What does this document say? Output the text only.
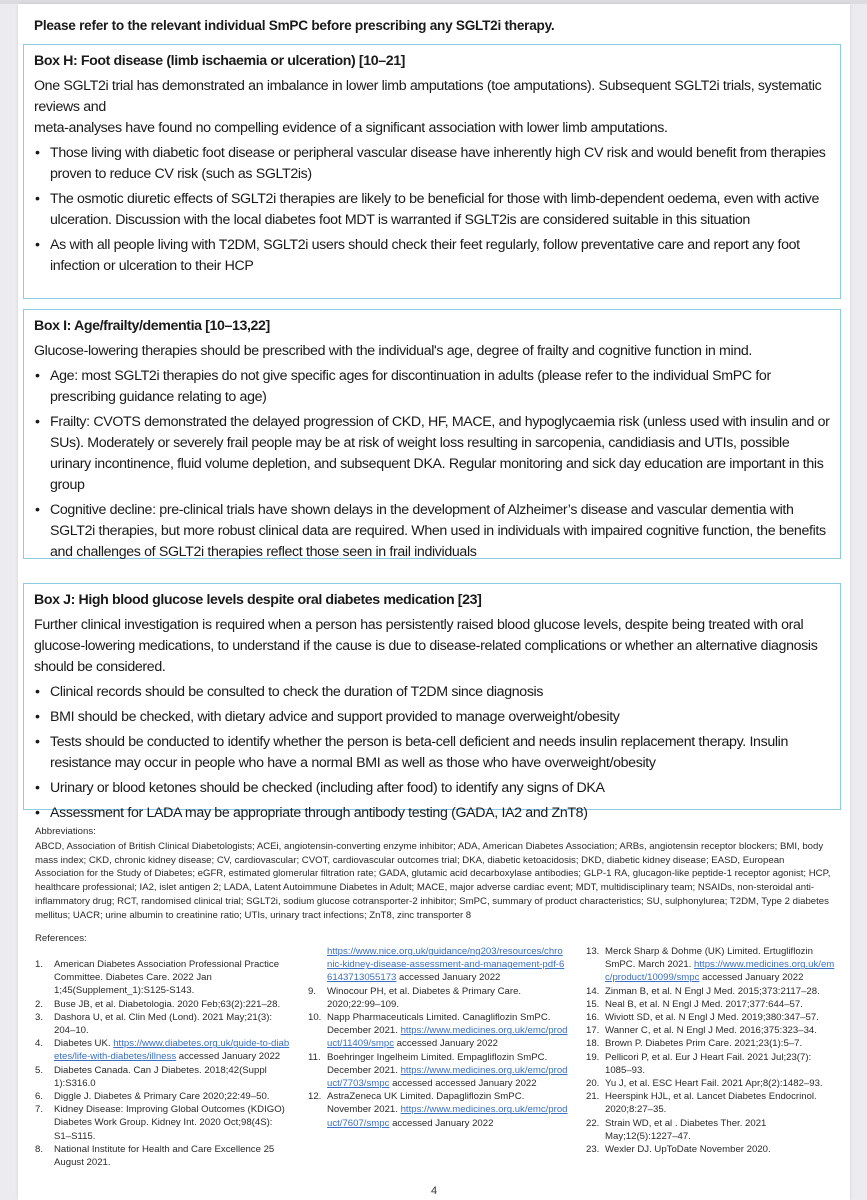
Please refer to the relevant individual SmPC before prescribing any SGLT2i therapy.
Box H: Foot disease (limb ischaemia or ulceration) [10–21]

One SGLT2i trial has demonstrated an imbalance in lower limb amputations (toe amputations). Subsequent SGLT2i trials, systematic reviews and
meta-analyses have found no compelling evidence of a significant association with lower limb amputations.

• Those living with diabetic foot disease or peripheral vascular disease have inherently high CV risk and would benefit from therapies proven to reduce CV risk (such as SGLT2is)
• The osmotic diuretic effects of SGLT2i therapies are likely to be beneficial for those with limb-dependent oedema, even with active ulceration. Discussion with the local diabetes foot MDT is warranted if SGLT2is are considered suitable in this situation
• As with all people living with T2DM, SGLT2i users should check their feet regularly, follow preventative care and report any foot infection or ulceration to their HCP
Box I: Age/frailty/dementia [10–13,22]

Glucose-lowering therapies should be prescribed with the individual's age, degree of frailty and cognitive function in mind.

• Age: most SGLT2i therapies do not give specific ages for discontinuation in adults (please refer to the individual SmPC for prescribing guidance relating to age)
• Frailty: CVOTS demonstrated the delayed progression of CKD, HF, MACE, and hypoglycaemia risk (unless used with insulin and or SUs). Moderately or severely frail people may be at risk of weight loss resulting in sarcopenia, candidiasis and UTIs, possible urinary incontinence, fluid volume depletion, and subsequent DKA. Regular monitoring and sick day education are important in this group
• Cognitive decline: pre-clinical trials have shown delays in the development of Alzheimer’s disease and vascular dementia with SGLT2i therapies, but more robust clinical data are required. When used in individuals with impaired cognitive function, the benefits and challenges of SGLT2i therapies reflect those seen in frail individuals
Box J: High blood glucose levels despite oral diabetes medication [23]

Further clinical investigation is required when a person has persistently raised blood glucose levels, despite being treated with oral glucose-lowering medications, to understand if the cause is due to disease-related complications or whether an alternative diagnosis should be considered.

• Clinical records should be consulted to check the duration of T2DM since diagnosis
• BMI should be checked, with dietary advice and support provided to manage overweight/obesity
• Tests should be conducted to identify whether the person is beta-cell deficient and needs insulin replacement therapy. Insulin resistance may occur in people who have a normal BMI as well as those who have overweight/obesity
• Urinary or blood ketones should be checked (including after food) to identify any signs of DKA
• Assessment for LADA may be appropriate through antibody testing (GADA, IA2 and ZnT8)
Abbreviations:
ABCD, Association of British Clinical Diabetologists; ACEi, angiotensin-converting enzyme inhibitor; ADA, American Diabetes Association; ARBs, angiotensin receptor blockers; BMI, body mass index; CKD, chronic kidney disease; CV, cardiovascular; CVOT, cardiovascular outcomes trial; DKA, diabetic ketoacidosis; DKD, diabetic kidney disease; EASD, European Association for the Study of Diabetes; eGFR, estimated glomerular filtration rate; GADA, glutamic acid decarboxylase antibodies; GLP-1 RA, glucagon-like peptide-1 receptor agonist; HCP, healthcare professional; IA2, islet antigen 2; LADA, Latent Autoimmune Diabetes in Adult; MACE, major adverse cardiac event; MDT, multidisciplinary team; NSAIDs, non-steroidal anti-inflammatory drug; RCT, randomised clinical trial; SGLT2i, sodium glucose cotransporter-2 inhibitor; SmPC, summary of product characteristics; SU, sulphonylurea; T2DM, Type 2 diabetes mellitus; UACR; urine albumin to creatinine ratio; UTIs, urinary tract infections; ZnT8, zinc transporter 8
References:
1. American Diabetes Association Professional Practice Committee. Diabetes Care. 2022 Jan 1;45(Supplement_1):S125-S143.
2. Buse JB, et al. Diabetologia. 2020 Feb;63(2):221–28.
3. Dashora U, et al. Clin Med (Lond). 2021 May;21(3): 204–10.
4. Diabetes UK. https://www.diabetes.org.uk/guide-to-diabetes/life-with-diabetes/illness accessed January 2022
5. Diabetes Canada. Can J Diabetes. 2018;42(Suppl 1):S316.0
6. Diggle J. Diabetes & Primary Care 2020;22:49–50.
7. Kidney Disease: Improving Global Outcomes (KDIGO) Diabetes Work Group. Kidney Int. 2020 Oct;98(4S): S1–S115.
8. National Institute for Health and Care Excellence 25 August 2021.
https://www.nice.org.uk/guidance/ng203/resources/chronic-kidney-disease-assessment-and-management-pdf-66143713055173 accessed January 2022
9. Winocour PH, et al. Diabetes & Primary Care. 2020;22:99–109.
10. Napp Pharmaceuticals Limited. Canagliflozin SmPC. December 2021. https://www.medicines.org.uk/emc/product/11409/smpc accessed January 2022
11. Boehringer Ingelheim Limited. Empagliflozin SmPC. December 2021. https://www.medicines.org.uk/emc/product/7703/smpc accessed accessed January 2022
12. AstraZeneca UK Limited. Dapagliflozin SmPC. November 2021. https://www.medicines.org.uk/emc/product/7607/smpc accessed January 2022
13. Merck Sharp & Dohme (UK) Limited. Ertugliflozin SmPC. March 2021. https://www.medicines.org.uk/emc/product/10099/smpc accessed January 2022
14. Zinman B, et al. N Engl J Med. 2015;373:2117–28.
15. Neal B, et al. N Engl J Med. 2017;377:644–57.
16. Wiviott SD, et al. N Engl J Med. 2019;380:347–57.
17. Wanner C, et al. N Engl J Med. 2016;375:323–34.
18. Brown P. Diabetes Prim Care. 2021;23(1):5–7.
19. Pellicori P, et al. Eur J Heart Fail. 2021 Jul;23(7): 1085–93.
20. Yu J, et al. ESC Heart Fail. 2021 Apr;8(2):1482–93.
21. Heerspink HJL, et al. Lancet Diabetes Endocrinol. 2020;8:27–35.
22. Strain WD, et al . Diabetes Ther. 2021 May;12(5):1227–47.
23. Wexler DJ. UpToDate November 2020.
4
